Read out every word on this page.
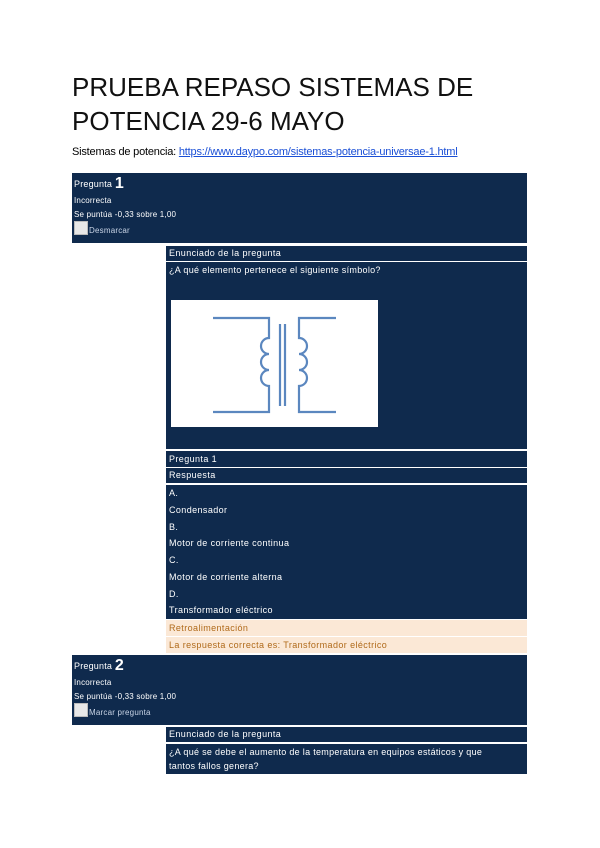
PRUEBA REPASO SISTEMAS DE POTENCIA 29-6 MAYO
Sistemas de potencia: https://www.daypo.com/sistemas-potencia-universae-1.html
Pregunta 1
Incorrecta
Se puntúa -0,33 sobre 1,00
Desmarcar
Enunciado de la pregunta
¿A qué elemento pertenece el siguiente símbolo?
Pregunta 1
Respuesta
A.
Condensador
B.
Motor de corriente continua
C.
Motor de corriente alterna
D.
Transformador eléctrico
Retroalimentación
La respuesta correcta es: Transformador eléctrico
Pregunta 2
Incorrecta
Se puntúa -0,33 sobre 1,00
Marcar pregunta
Enunciado de la pregunta
¿A qué se debe el aumento de la temperatura en equipos estáticos y que
tantos fallos genera?
